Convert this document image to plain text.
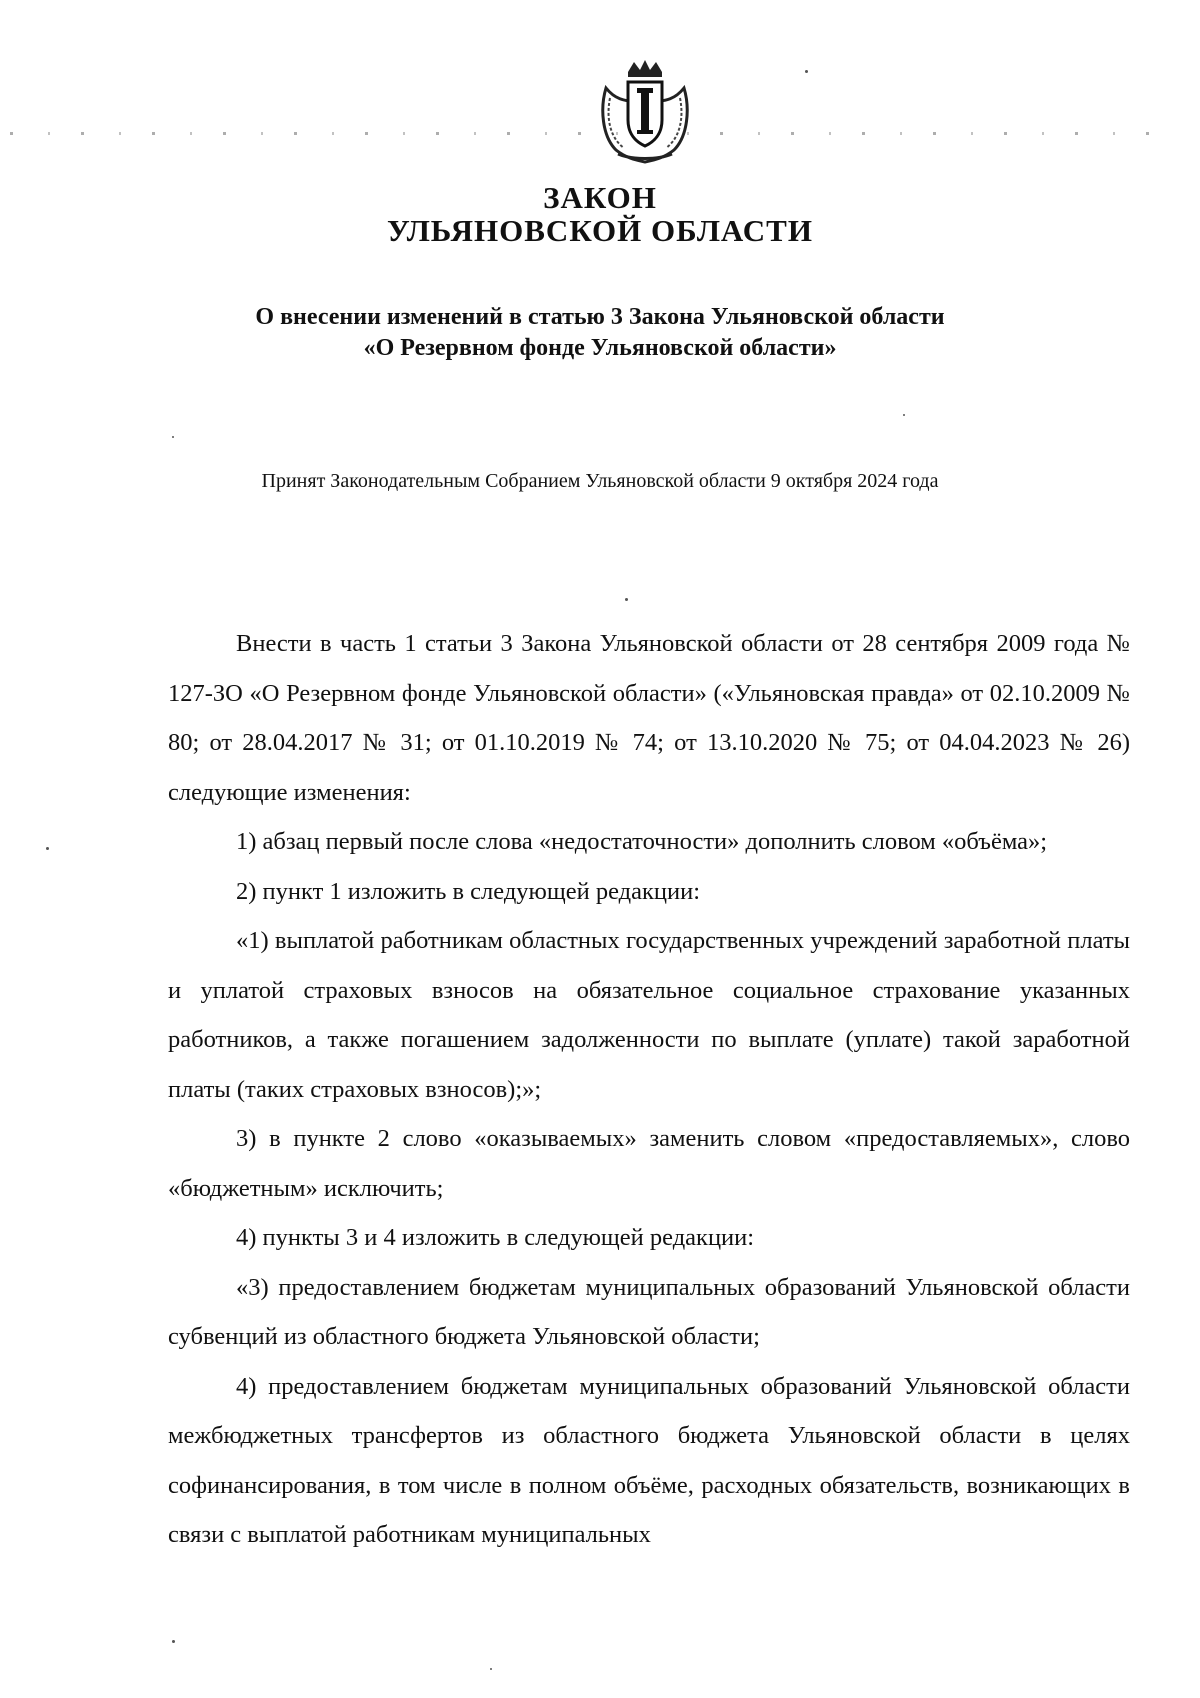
ЗАКОН
УЛЬЯНОВСКОЙ ОБЛАСТИ
О внесении изменений в статью 3 Закона Ульяновской области
«О Резервном фонде Ульяновской области»
Принят Законодательным Собранием Ульяновской области 9 октября 2024 года

Внести в часть 1 статьи 3 Закона Ульяновской области от 28 сентября 2009 года № 127-ЗО «О Резервном фонде Ульяновской области» («Ульяновская правда» от 02.10.2009 № 80; от 28.04.2017 № 31; от 01.10.2019 № 74; от 13.10.2020 № 75; от 04.04.2023 № 26) следующие изменения:

1) абзац первый после слова «недостаточности» дополнить словом «объёма»;

2) пункт 1 изложить в следующей редакции:

«1) выплатой работникам областных государственных учреждений заработной платы и уплатой страховых взносов на обязательное социальное страхование указанных работников, а также погашением задолженности по выплате (уплате) такой заработной платы (таких страховых взносов);»;

3) в пункте 2 слово «оказываемых» заменить словом «предоставляемых», слово «бюджетным» исключить;

4) пункты 3 и 4 изложить в следующей редакции:

«3) предоставлением бюджетам муниципальных образований Ульяновской области субвенций из областного бюджета Ульяновской области;

4) предоставлением бюджетам муниципальных образований Ульяновской области межбюджетных трансфертов из областного бюджета Ульяновской области в целях софинансирования, в том числе в полном объёме, расходных обязательств, возникающих в связи с выплатой работникам муниципальных
